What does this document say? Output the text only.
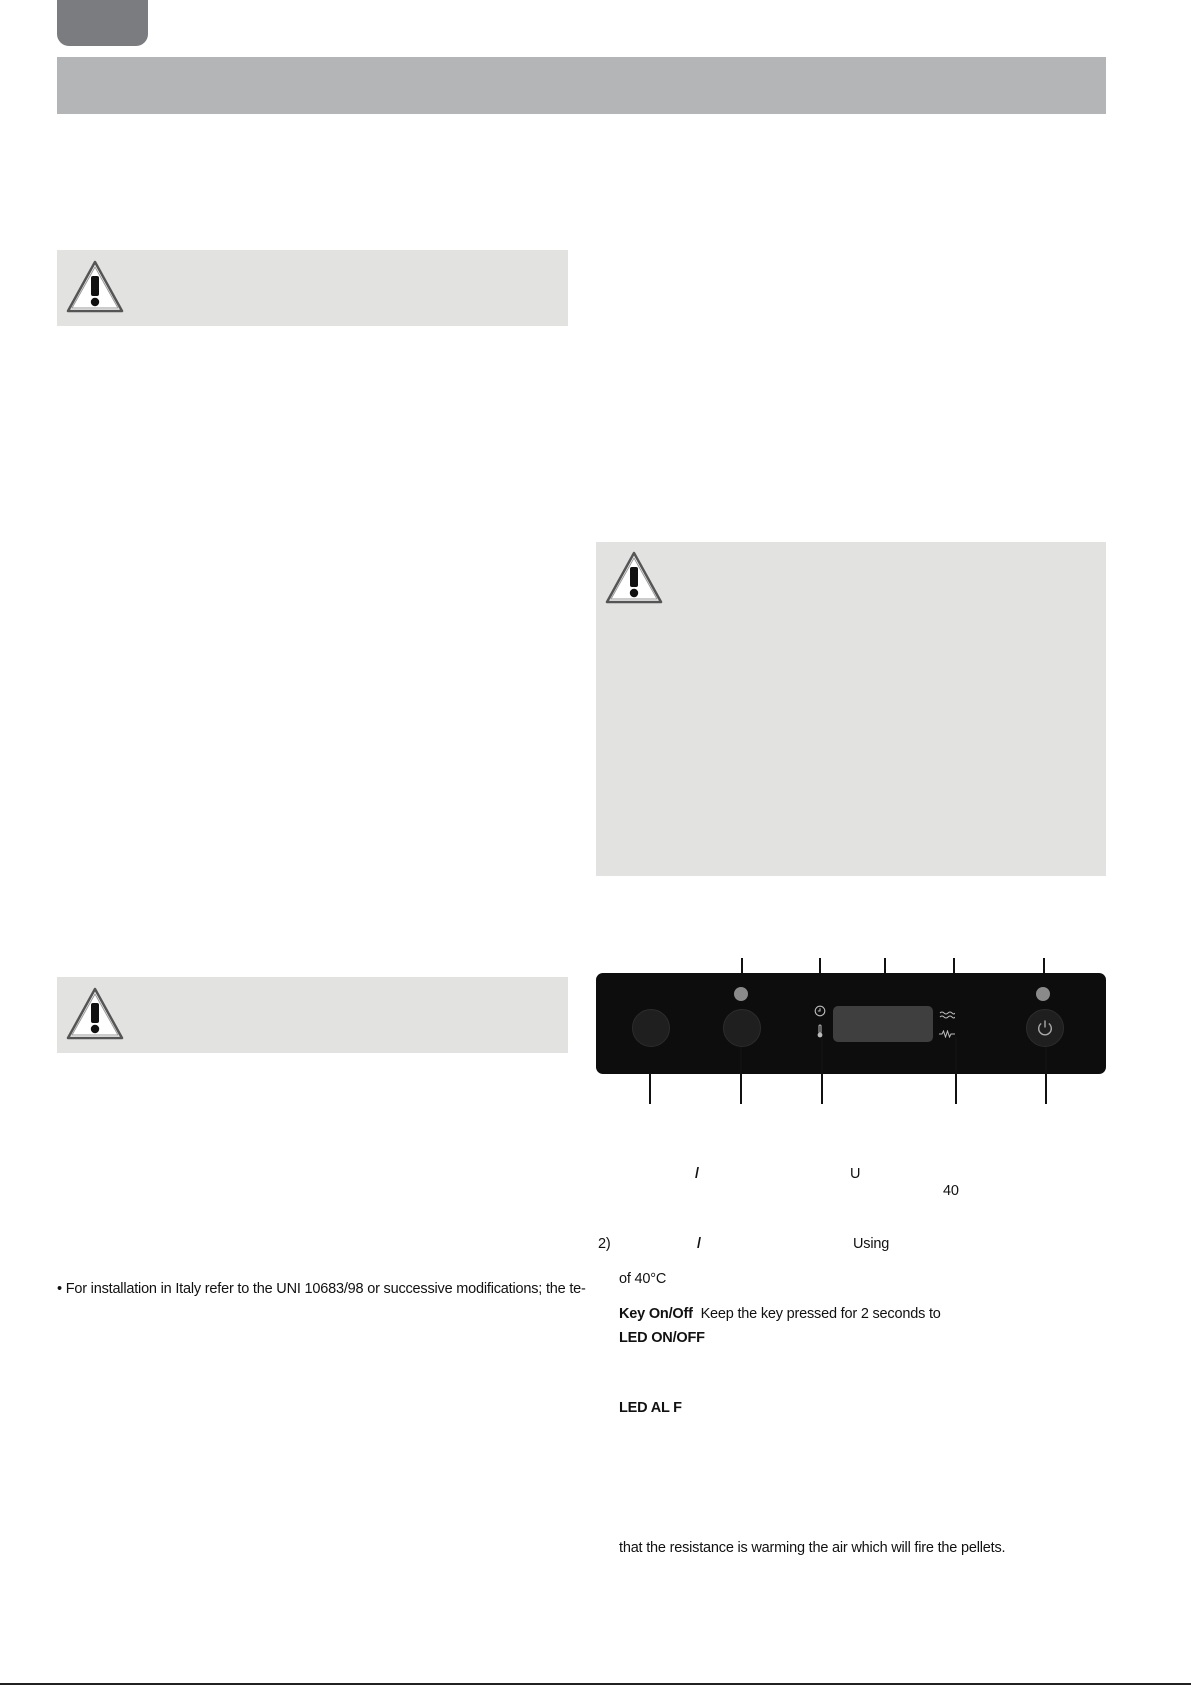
• For installation in Italy refer to the UNI 10683/98 or successive modifications; the te-
/	U
40
2)	/	Using
of 40°C
Key On/Off Keep the key pressed for 2 seconds to
LED ON/OFF
LED AL F
that the resistance is warming the air which will fire the pellets.
